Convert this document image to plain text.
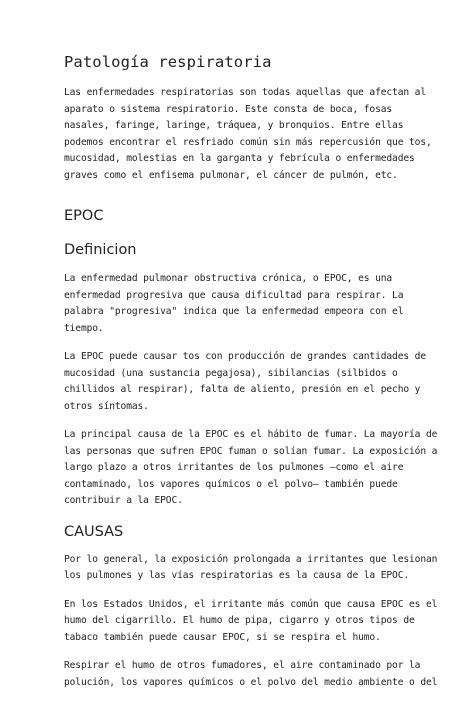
Patología respiratoria

Las enfermedades respiratorias son todas aquellas que afectan al
aparato o sistema respiratorio. Este consta de boca, fosas
nasales, faringe, laringe, tráquea, y bronquios. Entre ellas
podemos encontrar el resfriado común sin más repercusión que tos,
mucosidad, molestias en la garganta y febrícula o enfermedades
graves como el enfisema pulmonar, el cáncer de pulmón, etc.

EPOC
Definicion

La enfermedad pulmonar obstructiva crónica, o EPOC, es una
enfermedad progresiva que causa dificultad para respirar. La
palabra "progresiva" indica que la enfermedad empeora con el
tiempo.

La EPOC puede causar tos con producción de grandes cantidades de
mucosidad (una sustancia pegajosa), sibilancias (silbidos o
chillidos al respirar), falta de aliento, presión en el pecho y
otros síntomas.

La principal causa de la EPOC es el hábito de fumar. La mayoría de
las personas que sufren EPOC fuman o solían fumar. La exposición a
largo plazo a otros irritantes de los pulmones —como el aire
contaminado, los vapores químicos o el polvo— también puede
contribuir a la EPOC.

CAUSAS

Por lo general, la exposición prolongada a irritantes que lesionan
los pulmones y las vías respiratorias es la causa de la EPOC.

En los Estados Unidos, el irritante más común que causa EPOC es el
humo del cigarrillo. El humo de pipa, cigarro y otros tipos de
tabaco también puede causar EPOC, si se respira el humo.

Respirar el humo de otros fumadores, el aire contaminado por la
polución, los vapores químicos o el polvo del medio ambiente o del
